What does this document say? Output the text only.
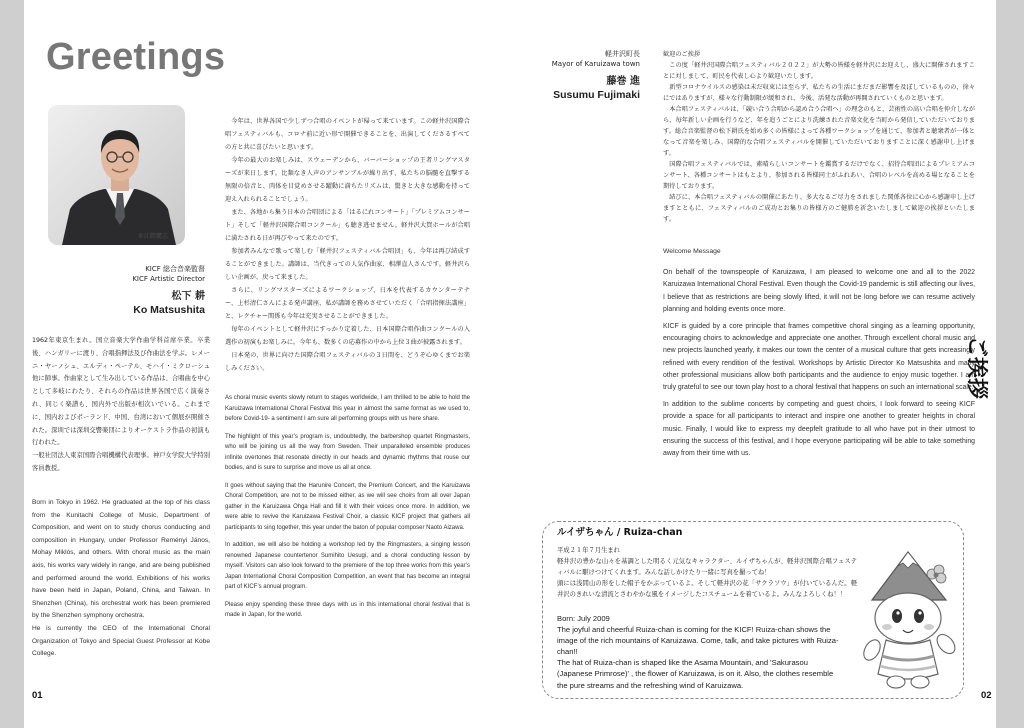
Greetings
©江隈麗志
KICF 総合音楽監督
KICF Artistic Director
松下 耕
Ko Matsushita

1962年東京生まれ。国立音楽大学作曲学科首席卒業。卒業後、ハンガリーに渡り、合唱指揮法及び作曲法を学ぶ。レメーニ・ヤーノシュ、エルディ・ペーテル、モハイ・ミクローシュ他に師事。作曲家として生み出している作品は、合唱曲を中心として多岐にわたり、それらの作品は世界各国で広く演奏され、同じく楽譜も、国内外で出版が相次いでいる。これまでに、国内およびポーランド、中国、台湾において個展が開催された。深圳では深圳交響楽団によりオーケストラ作品の初演も行われた。

一般社団法人東京国際合唱機構代表理事。神戸女学院大学特別客員教授。

Born in Tokyo in 1962. He graduated at the top of his class from the Kunitachi College of Music, Department of Composition, and went on to study chorus conducting and composition in Hungary, under Professor Reményi János, Mohay Miklós, and others. With choral music as the main axis, his works vary widely in range, and are being published and performed around the world. Exhibitions of his works have been held in Japan, Poland, China, and Taiwan. In Shenzhen (China), his orchestral work has been premiered by the Shenzhen symphony orchestra.

He is currently the CEO of the International Choral Organization of Tokyo and Special Guest Professor at Kobe College.

今年は、世界各国で少しずつ合唱のイベントが帰って来ています。この軽井沢国際合唱フェスティバルも、コロナ前に近い形で開催できることを、出演してくださるすべての方と共に喜びたいと思います。

今年の最大のお楽しみは、スウェーデンから、バーバーショップの王者リングマスターズが来日します。比類なき人声のアンサンブルが繰り出す、私たちの脳髄を直撃する無限の倍音と、肉体を目覚めさせる躍動に満ちたリズムは、驚きと大きな感動を持って迎え入れられることでしょう。

また、各地から集う日本の合唱団による「はるにれコンサート」「プレミアムコンサート」そして「軽井沢国際合唱コンクール」も聴き逃せません。軽井沢大賀ホールが合唱に満たされる日が再びやって来たのです。

参加者みんなで歌って楽しむ「軽井沢フェスティバル合唱団」も、今年は再び結成することができました。講師は、当代きっての人気作曲家、相澤直人さんです。軽井沢らしい企画が、戻って来ました。

さらに、リングマスターズによるワークショップ、日本を代表するカウンターテナー、上杉清仁さんによる発声講座、私が講師を務めさせていただく「合唱指揮法講座」と、レクチャー関係も今年は充実させることができました。

毎年のイベントとして軽井沢にすっかり定着した、日本国際合唱作曲コンクールの入選作の初演もお楽しみに。今年も、数多くの応募作の中から上位３曲が披露されます。

日本発の、世界に向けた国際合唱フェスティバルの３日間を、どうぞ心ゆくまでお楽しみください。

As choral music events slowly return to stages worldwide, I am thrilled to be able to hold the Karuizawa International Choral Festival this year in almost the same format as we used to, before Covid-19- a sentiment I am sure all performing groups with us here share.

The highlight of this year’s program is, undoubtedly, the barbershop quartet Ringmasters, who will be joining us all the way from Sweden. Their unparalleled ensemble produces infinite overtones that resonate directly in our heads and dynamic rhythms that rouse our bodies, and is sure to surprise and move us all at once.

It goes without saying that the Harunire Concert, the Premium Concert, and the Karuizawa Choral Competition, are not to be missed either, as we will see choirs from all over Japan gather in the Karuizawa Ohga Hall and fill it with their voices once more. In addition, we were able to revive the Karuizawa Festival Choir, a classic KICF project that gathers all participants to sing together, this year under the baton of popular composer Naoto Aizawa.

In addition, we will also be holding a workshop led by the Ringmasters, a singing lesson renowned Japanese countertenor Sumihito Uesugi, and a choral conducting lesson by myself. Visitors can also look forward to the premiere of the top three works from this year’s Japan International Choral Composition Competition, an event that has become an integral part of KICF’s annual program.

Please enjoy spending these three days with us in this international choral festival that is made in Japan, for the world.

01
軽井沢町長
Mayor of Karuizawa town
藤巻 進
Susumu Fujimaki

歓迎のご挨拶

この度「軽井沢国際合唱フェスティバル２０２２」が大勢の皆様を軽井沢にお迎えし、盛大に開催されますことに対しまして、町民を代表し心より歓迎いたします。

新型コロナウイルスの感染は未だ収束には至らず、私たちの生活にまだまだ影響を及ぼしているものの、徐々にではありますが、様々な行動制限が緩和され、今後、活発な活動が再開されていくものと思います。

本合唱フェスティバルは、「競い合う合唱から認め合う合唱へ」の理念のもと、芸術性の高い合唱を仲介しながら、毎年新しい企画を行うなど、年を追うごとにより洗練された音楽文化を当町から発信していただいております。総合音楽監督の松下耕氏を始め多くの皆様によって各種ワークショップを通じて、参加者と聴衆者が一体となって音楽を楽しみ、国際的な合唱フェスティバルを開催していただいておりますことに深く感謝申し上げます。

国際合唱フェスティバルでは、素晴らしいコンサートを鑑賞するだけでなく、招待合唱団によるプレミアムコンサート、各種コンサートはもとより、参加される皆様同士がふれあい、合唱のレベルを高める場となることを期待しております。

結びに、本合唱フェスティバルの開催にあたり、多大なるご尽力をされました関係各位に心から感謝申し上げますとともに、フェスティバルのご成功とお集りの皆様方のご健勝を祈念いたしまして歓迎の挨拶といたします。

Welcome Message

On behalf of the townspeople of Karuizawa, I am pleased to welcome one and all to the 2022 Karuizawa International Choral Festival. Even though the Covid-19 pandemic is still affecting our lives, I believe that as restrictions are being slowly lifted, it will not be long before we can resume actively planning and holding events once more.

KICF is guided by a core principle that frames competitive choral singing as a learning opportunity, encouraging choirs to acknowledge and appreciate one another. Through excellent choral music and new projects launched yearly, it makes our town the center of a musical culture that gets increasingly refined with every rendition of the festival. Workshops by Artistic Director Ko Matsushita and many other professional musicians allow both participants and the audience to enjoy music together. I am truly grateful to see our town play host to a choral festival that happens on such an international scale.

In addition to the sublime concerts by competing and guest choirs, I look forward to seeing KICF provide a space for all participants to interact and inspire one another to greater heights in choral music. Finally, I would like to express my deepfelt gratitude to all who have put in their utmost to ensuring the success of this festival, and I hope everyone participating will be able to take something away from their time with us.

ご挨拶
ルイザちゃん / Ruiza-chan

平成２１年７月生まれ

軽井沢の豊かな山々を基調とした明るく元気なキャラクター、ルイザちゃんが、軽井沢国際合唱フェスティバルに駆けつけてくれます。みんな話しかけたり一緒に写真を撮ってね！

頭には浅間山の形をした帽子をかぶっているよ。そして軽井沢の花「サクラソウ」が付いているんだ。軽井沢のきれいな清流とさわやかな風をイメージしたコスチュームを着ているよ。みんなよろしくね！！

Born: July 2009

The joyful and cheerful Ruiza-chan is coming for the KICF! Ruiza-chan shows the image of the rich mountains of Karuizawa. Come, talk, and take pictures with Ruiza-chan!!

The hat of Ruiza-chan is shaped like the Asama Mountain, and 'Sakurasou (Japanese Primrose)' , the flower of Karuizawa, is on it. Also, the clothes resemble the pure streams and the refreshing wind of Karuizawa.

02
